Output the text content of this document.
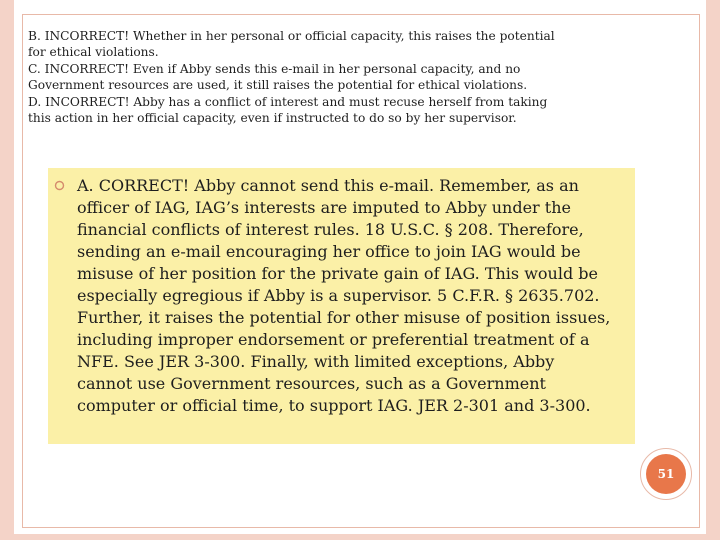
B. INCORRECT! Whether in her personal or official capacity, this raises the potential
for ethical violations.
C. INCORRECT! Even if Abby sends this e-mail in her personal capacity, and no
Government resources are used, it still raises the potential for ethical violations.
D. INCORRECT! Abby has a conflict of interest and must recuse herself from taking
this action in her official capacity, even if instructed to do so by her supervisor.
A. CORRECT! Abby cannot send this e-mail. Remember, as an
officer of IAG, IAG’s interests are imputed to Abby under the
financial conflicts of interest rules. 18 U.S.C. § 208. Therefore,
sending an e-mail encouraging her office to join IAG would be
misuse of her position for the private gain of IAG. This would be
especially egregious if Abby is a supervisor. 5 C.F.R. § 2635.702.
Further, it raises the potential for other misuse of position issues,
including improper endorsement or preferential treatment of a
NFE. See JER 3-300. Finally, with limited exceptions, Abby
cannot use Government resources, such as a Government
computer or official time, to support IAG. JER 2-301 and 3-300.
51
